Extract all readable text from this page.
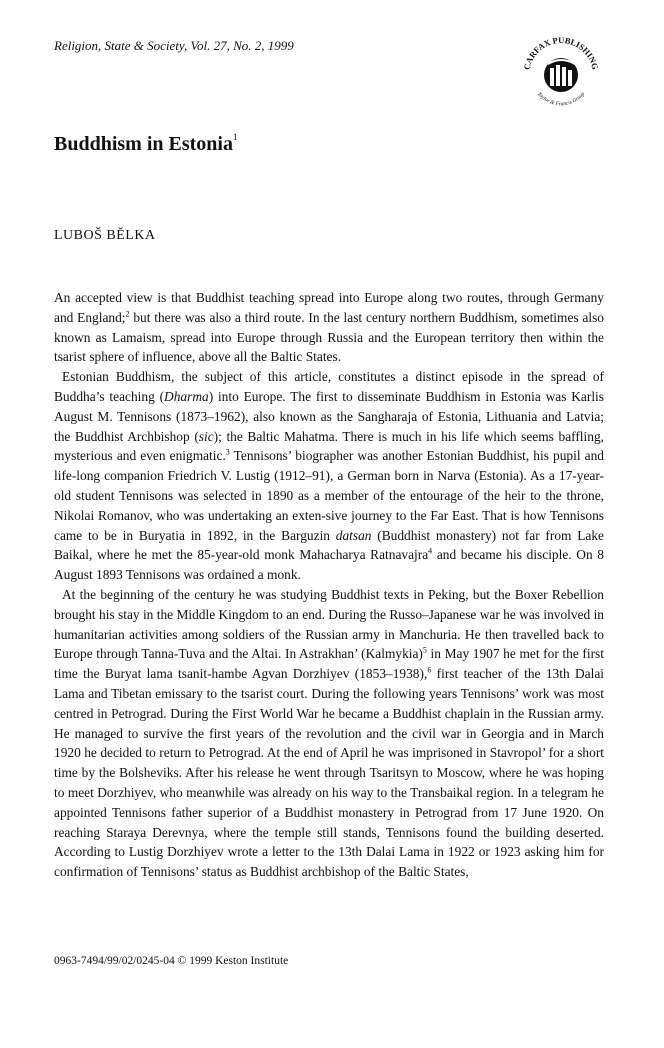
Religion, State & Society, Vol. 27, No. 2, 1999
CARFAX PUBLISHING
Taylor & Francis Group
Buddhism in Estonia$^1$
LUBOŠ BĚLKA

An accepted view is that Buddhist teaching spread into Europe along two routes, through Germany and England;$^2$ but there was also a third route. In the last century northern Buddhism, sometimes also known as Lamaism, spread into Europe through Russia and the European territory then within the tsarist sphere of influence, above all the Baltic States.

Estonian Buddhism, the subject of this article, constitutes a distinct episode in the spread of Buddha’s teaching (Dharma) into Europe. The first to disseminate Buddhism in Estonia was Karlis August M. Tennisons (1873–1962), also known as the Sangharaja of Estonia, Lithuania and Latvia; the Buddhist Archbishop (sic); the Baltic Mahatma. There is much in his life which seems baffling, mysterious and even enigmatic.$^3$ Tennisons’ biographer was another Estonian Buddhist, his pupil and life-long companion Friedrich V. Lustig (1912–91), a German born in Narva (Estonia). As a 17-year-old student Tennisons was selected in 1890 as a member of the entourage of the heir to the throne, Nikolai Romanov, who was undertaking an exten-sive journey to the Far East. That is how Tennisons came to be in Buryatia in 1892, in the Barguzin datsan (Buddhist monastery) not far from Lake Baikal, where he met the 85-year-old monk Mahacharya Ratnavajra$^4$ and became his disciple. On 8 August 1893 Tennisons was ordained a monk.

At the beginning of the century he was studying Buddhist texts in Peking, but the Boxer Rebellion brought his stay in the Middle Kingdom to an end. During the Russo–Japanese war he was involved in humanitarian activities among soldiers of the Russian army in Manchuria. He then travelled back to Europe through Tanna-Tuva and the Altai. In Astrakhan’ (Kalmykia)$^5$ in May 1907 he met for the first time the Buryat lama tsanit-hambe Agvan Dorzhiyev (1853–1938),$^6$ first teacher of the 13th Dalai Lama and Tibetan emissary to the tsarist court. During the following years Tennisons’ work was most centred in Petrograd. During the First World War he became a Buddhist chaplain in the Russian army. He managed to survive the first years of the revolution and the civil war in Georgia and in March 1920 he decided to return to Petrograd. At the end of April he was imprisoned in Stavropol’ for a short time by the Bolsheviks. After his release he went through Tsaritsyn to Moscow, where he was hoping to meet Dorzhiyev, who meanwhile was already on his way to the Transbaikal region. In a telegram he appointed Tennisons father superior of a Buddhist monastery in Petrograd from 17 June 1920. On reaching Staraya Derevnya, where the temple still stands, Tennisons found the building deserted. According to Lustig Dorzhiyev wrote a letter to the 13th Dalai Lama in 1922 or 1923 asking him for confirmation of Tennisons’ status as Buddhist archbishop of the Baltic States,

0963-7494/99/02/0245-04 © 1999 Keston Institute
